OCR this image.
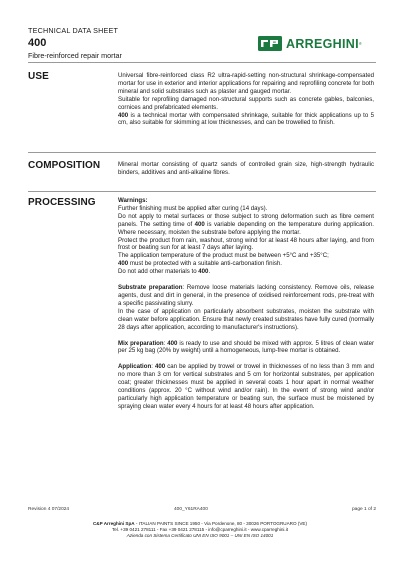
TECHNICAL DATA SHEET
400
Fibre-reinforced repair mortar
ARREGHINI ®
USE	Universal fibre-reinforced class R2 ultra-rapid-setting non-structural shrinkage-compensated mortar for use in exterior and interior applications for repairing and reprofiling concrete for both mineral and solid substrates such as plaster and gauged mortar.

Suitable for reprofiling damaged non-structural supports such as concrete gables, balconies, cornices and prefabricated elements.

400 is a technical mortar with compensated shrinkage, suitable for thick applications up to 5 cm, also suitable for skimming at low thicknesses, and can be trowelled to finish.

COMPOSITION	Mineral mortar consisting of quartz sands of controlled grain size, high-strength hydraulic binders, additives and anti-alkaline fibres.

PROCESSING	Warnings:

Further finishing must be applied after curing (14 days).

Do not apply to metal surfaces or those subject to strong deformation such as fibre cement panels. The setting time of 400 is variable depending on the temperature during application. Where necessary, moisten the substrate before applying the mortar.

Protect the product from rain, washout, strong wind for at least 48 hours after laying, and from frost or beating sun for at least 7 days after laying.

The application temperature of the product must be between +5°C and +35°C;

400 must be protected with a suitable anti-carbonation finish.

Do not add other materials to 400.

Substrate preparation: Remove loose materials lacking consistency. Remove oils, release agents, dust and dirt in general, in the presence of oxidised reinforcement rods, pre-treat with a specific passivating slurry.

In the case of application on particularly absorbent substrates, moisten the substrate with clean water before application. Ensure that newly created substrates have fully cured (normally 28 days after application, according to manufacturer's instructions).

Mix preparation: 400 is ready to use and should be mixed with approx. 5 litres of clean water per 25 kg bag (20% by weight) until a homogeneous, lump-free mortar is obtained.

Application: 400 can be applied by trowel or trowel in thicknesses of no less than 3 mm and no more than 3 cm for vertical substrates and 5 cm for horizontal substrates, per application coat; greater thicknesses must be applied in several coats 1 hour apart in normal weather conditions (approx. 20 °C without wind and/or rain). In the event of strong wind and/or particularly high application temperature or beating sun, the surface must be moistened by spraying clean water every 4 hours for at least 48 hours after application.

Revision 4 07/2024	400_Y61RA400	page 1 of 2
C&P Arreghini SpA - ITALIAN PAINTS SINCE 1950 - Via Pordenone, 80 - 30026 PORTOGRUARO (VE)
Tel. +39 0421 278111 - Fax +39 0421 278115 - info@cparreghini.it - www.cparreghini.it
Azienda con Sistema Certificato UNI EN ISO 9001 – UNI EN ISO 14001
